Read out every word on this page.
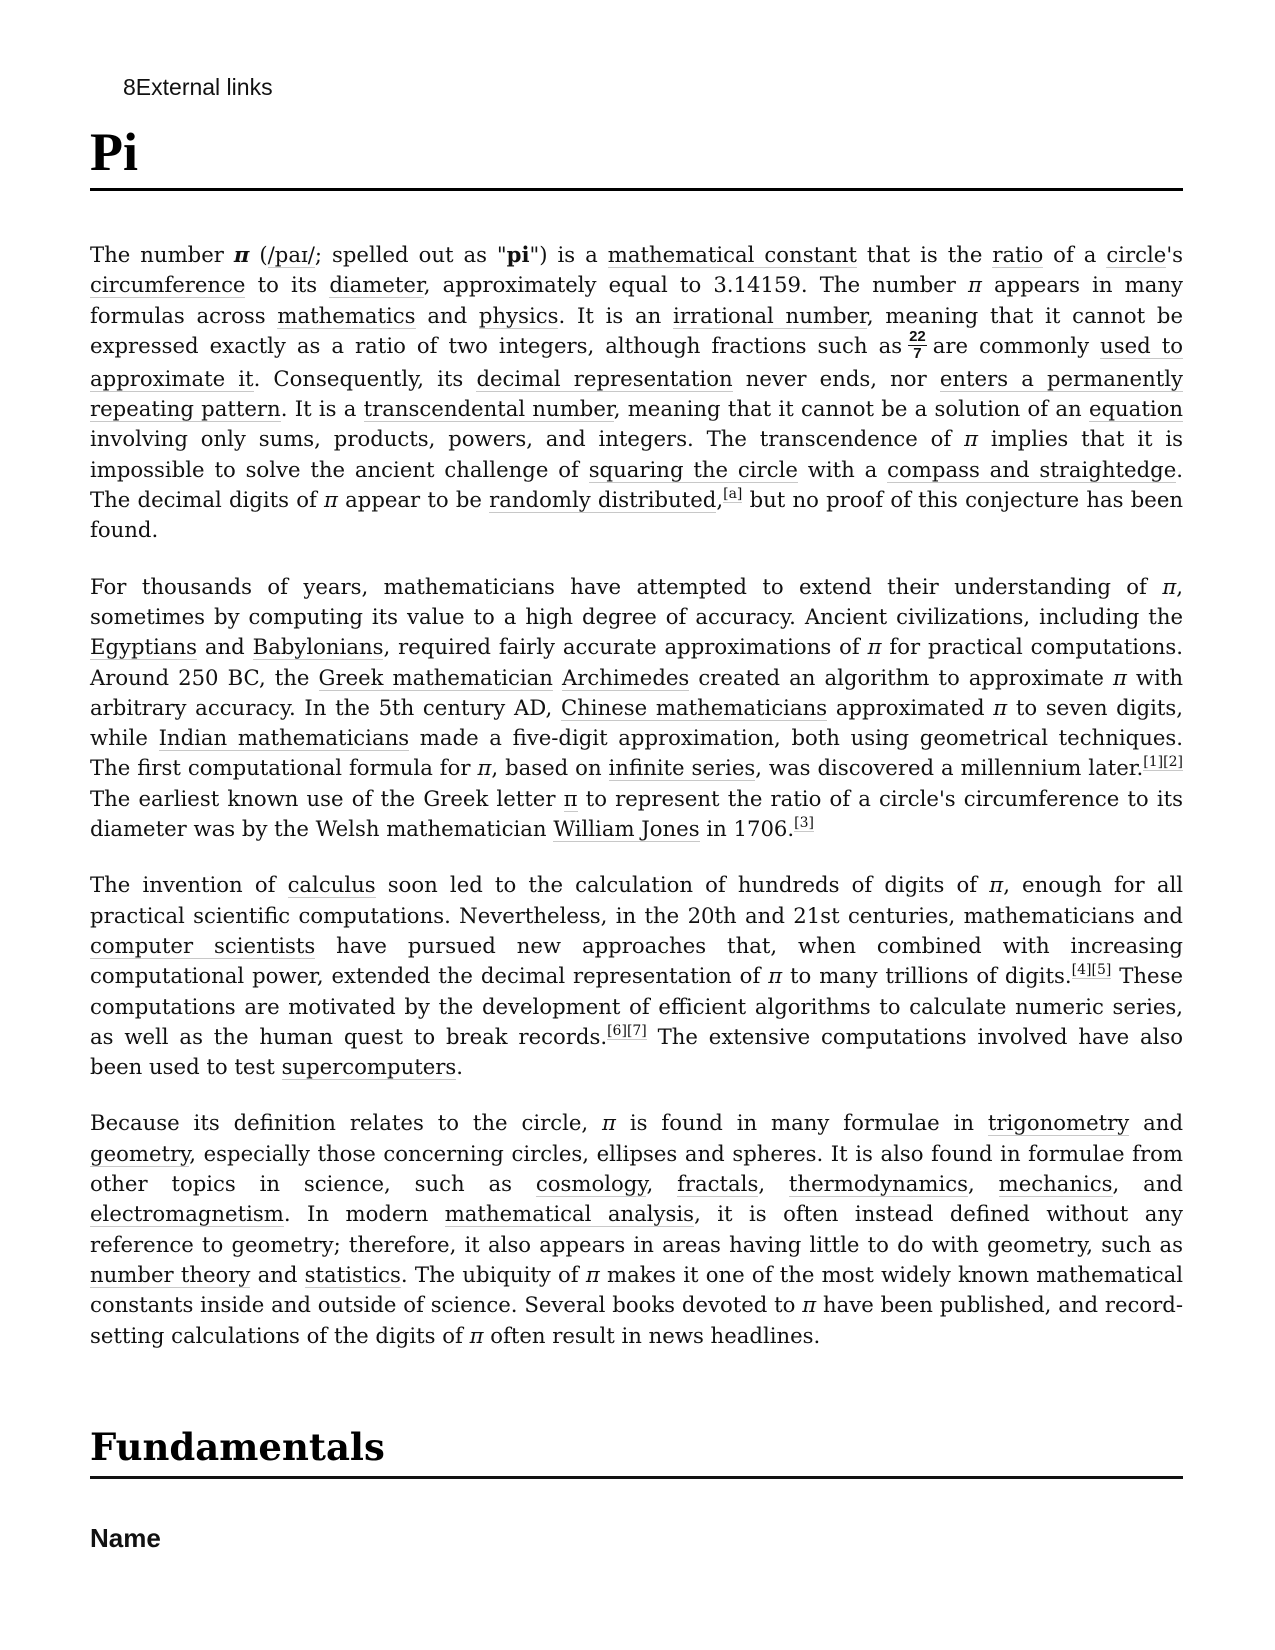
8External links
Pi

The number π (/paɪ/; spelled out as "pi") is a mathematical constant that is the ratio of a circle's circumference to its diameter, approximately equal to 3.14159. The number π appears in many formulas across mathematics and physics. It is an irrational number, meaning that it cannot be expressed exactly as a ratio of two integers, although fractions such as $\frac{22}{7}$ are commonly used to approximate it. Consequently, its decimal representation never ends, nor enters a permanently repeating pattern. It is a transcendental number, meaning that it cannot be a solution of an equation involving only sums, products, powers, and integers. The transcendence of π implies that it is impossible to solve the ancient challenge of squaring the circle with a compass and straightedge. The decimal digits of π appear to be randomly distributed,[a] but no proof of this conjecture has been found.

For thousands of years, mathematicians have attempted to extend their understanding of π, sometimes by computing its value to a high degree of accuracy. Ancient civilizations, including the Egyptians and Babylonians, required fairly accurate approximations of π for practical computations. Around 250 BC, the Greek mathematician Archimedes created an algorithm to approximate π with arbitrary accuracy. In the 5th century AD, Chinese mathematicians approximated π to seven digits, while Indian mathematicians made a five-digit approximation, both using geometrical techniques. The first computational formula for π, based on infinite series, was discovered a millennium later.[1][2] The earliest known use of the Greek letter π to represent the ratio of a circle's circumference to its diameter was by the Welsh mathematician William Jones in 1706.[3]

The invention of calculus soon led to the calculation of hundreds of digits of π, enough for all practical scientific computations. Nevertheless, in the 20th and 21st centuries, mathematicians and computer scientists have pursued new approaches that, when combined with increasing computational power, extended the decimal representation of π to many trillions of digits.[4][5] These computations are motivated by the development of efficient algorithms to calculate numeric series, as well as the human quest to break records.[6][7] The extensive computations involved have also been used to test supercomputers.

Because its definition relates to the circle, π is found in many formulae in trigonometry and geometry, especially those concerning circles, ellipses and spheres. It is also found in formulae from other topics in science, such as cosmology, fractals, thermodynamics, mechanics, and electromagnetism. In modern mathematical analysis, it is often instead defined without any reference to geometry; therefore, it also appears in areas having little to do with geometry, such as number theory and statistics. The ubiquity of π makes it one of the most widely known mathematical constants inside and outside of science. Several books devoted to π have been published, and record-setting calculations of the digits of π often result in news headlines.

Fundamentals
Name
